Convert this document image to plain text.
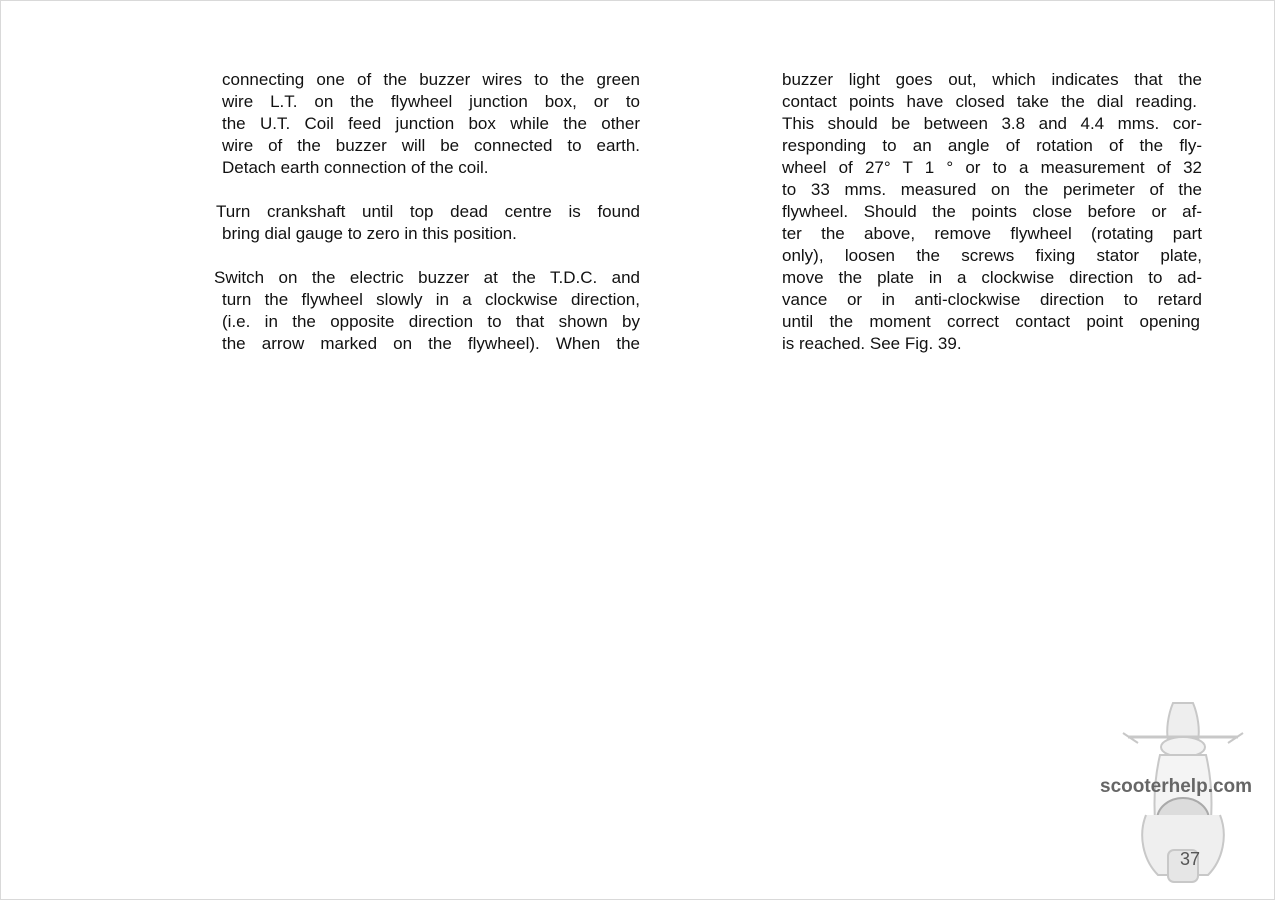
connecting one of the buzzer wires to the green
wire L.T. on the flywheel junction box, or to
the U.T. Coil feed junction box while the other
wire of the buzzer will be connected to earth.
Detach earth connection of the coil.
Turn crankshaft until top dead centre is found
bring dial gauge to zero in this position.
Switch on the electric buzzer at the T.D.C. and
turn the flywheel slowly in a clockwise direction,
(i.e. in the opposite direction to that shown by
the arrow marked on the flywheel). When the
buzzer light goes out, which indicates that the
contact points have closed take the dial reading.
This should be between 3.8 and 4.4 mms. cor-
responding to an angle of rotation of the fly-
wheel of 27° T 1 ° or to a measurement of 32
to 33 mms. measured on the perimeter of the
flywheel. Should the points close before or af-
ter the above, remove flywheel (rotating part
only), loosen the screws fixing stator plate,
move the plate in a clockwise direction to ad-
vance or in anti-clockwise direction to retard
until the moment correct contact point opening
is reached. See Fig. 39.
scooterhelp.com
37
